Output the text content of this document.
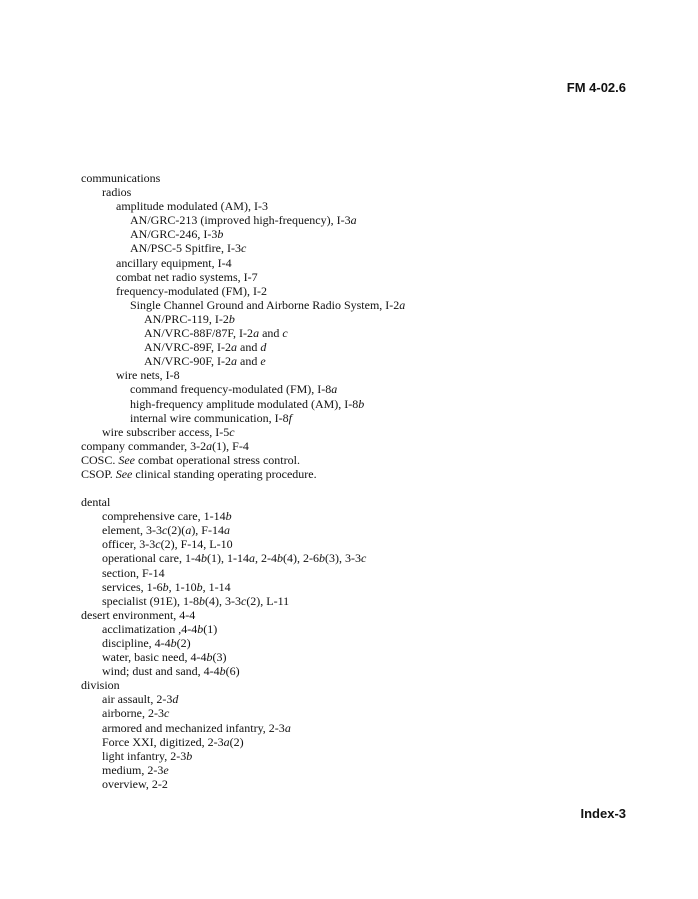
FM 4-02.6
communications
radios
amplitude modulated (AM), I-3
AN/GRC-213 (improved high-frequency), I-3a
AN/GRC-246, I-3b
AN/PSC-5 Spitfire, I-3c
ancillary equipment, I-4
combat net radio systems, I-7
frequency-modulated (FM), I-2
Single Channel Ground and Airborne Radio System, I-2a
AN/PRC-119, I-2b
AN/VRC-88F/87F, I-2a and c
AN/VRC-89F, I-2a and d
AN/VRC-90F, I-2a and e
wire nets, I-8
command frequency-modulated (FM), I-8a
high-frequency amplitude modulated (AM), I-8b
internal wire communication, I-8f
wire subscriber access, I-5c
company commander, 3-2a(1), F-4
COSC. See combat operational stress control.
CSOP. See clinical standing operating procedure.
dental
comprehensive care, 1-14b
element, 3-3c(2)(a), F-14a
officer, 3-3c(2), F-14, L-10
operational care, 1-4b(1), 1-14a, 2-4b(4), 2-6b(3), 3-3c
section, F-14
services, 1-6b, 1-10b, 1-14
specialist (91E), 1-8b(4), 3-3c(2), L-11
desert environment, 4-4
acclimatization ,4-4b(1)
discipline, 4-4b(2)
water, basic need, 4-4b(3)
wind; dust and sand, 4-4b(6)
division
air assault, 2-3d
airborne, 2-3c
armored and mechanized infantry, 2-3a
Force XXI, digitized, 2-3a(2)
light infantry, 2-3b
medium, 2-3e
overview, 2-2
Index-3
